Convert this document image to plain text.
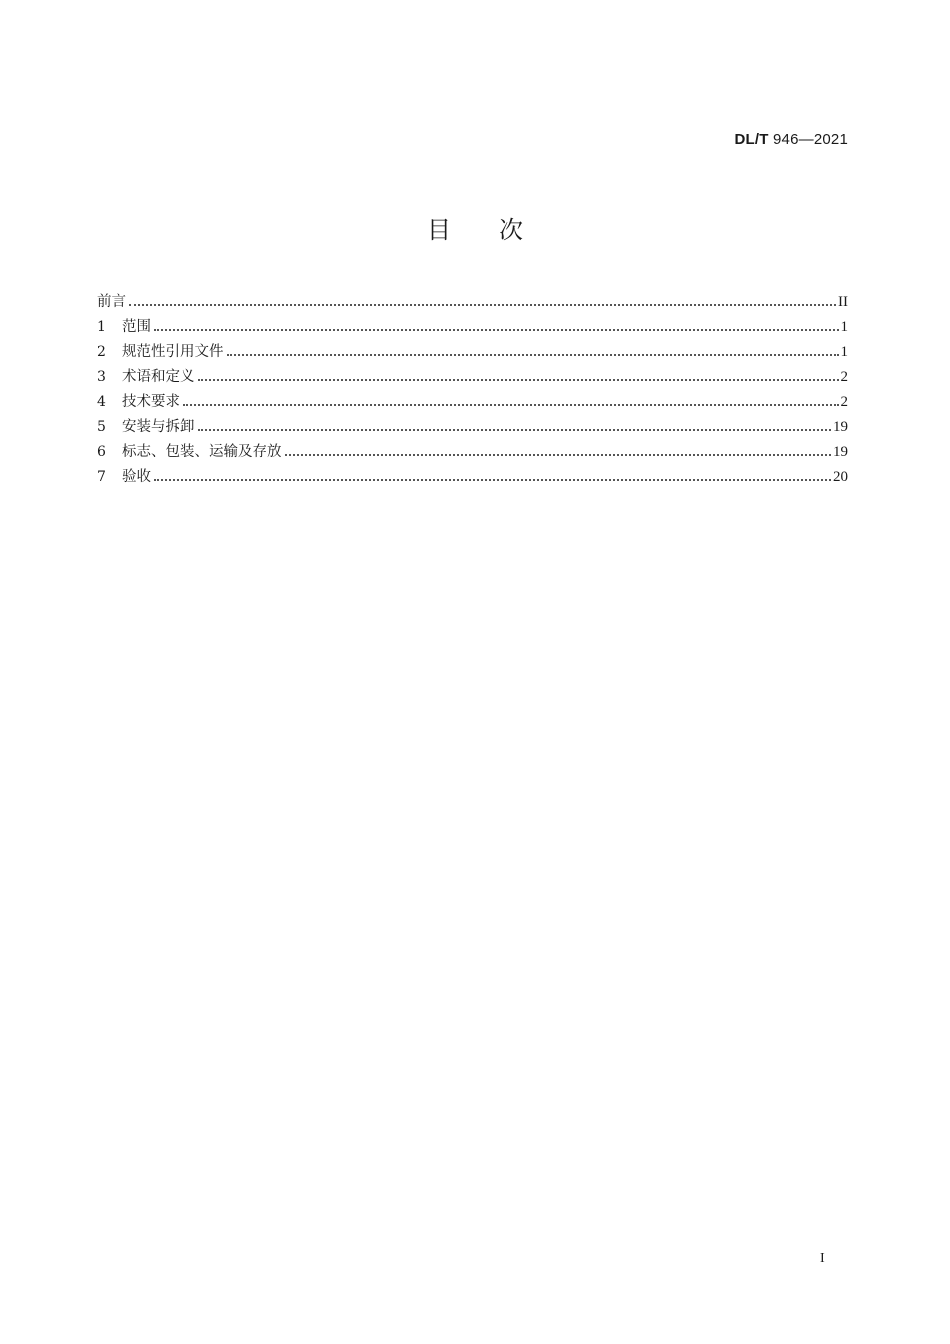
DL/T 946—2021
目次
前言	II
1	范围	1
2	规范性引用文件	1
3	术语和定义	2
4	技术要求	2
5	安装与拆卸	19
6	标志、包装、运输及存放	19
7	验收	20
I
